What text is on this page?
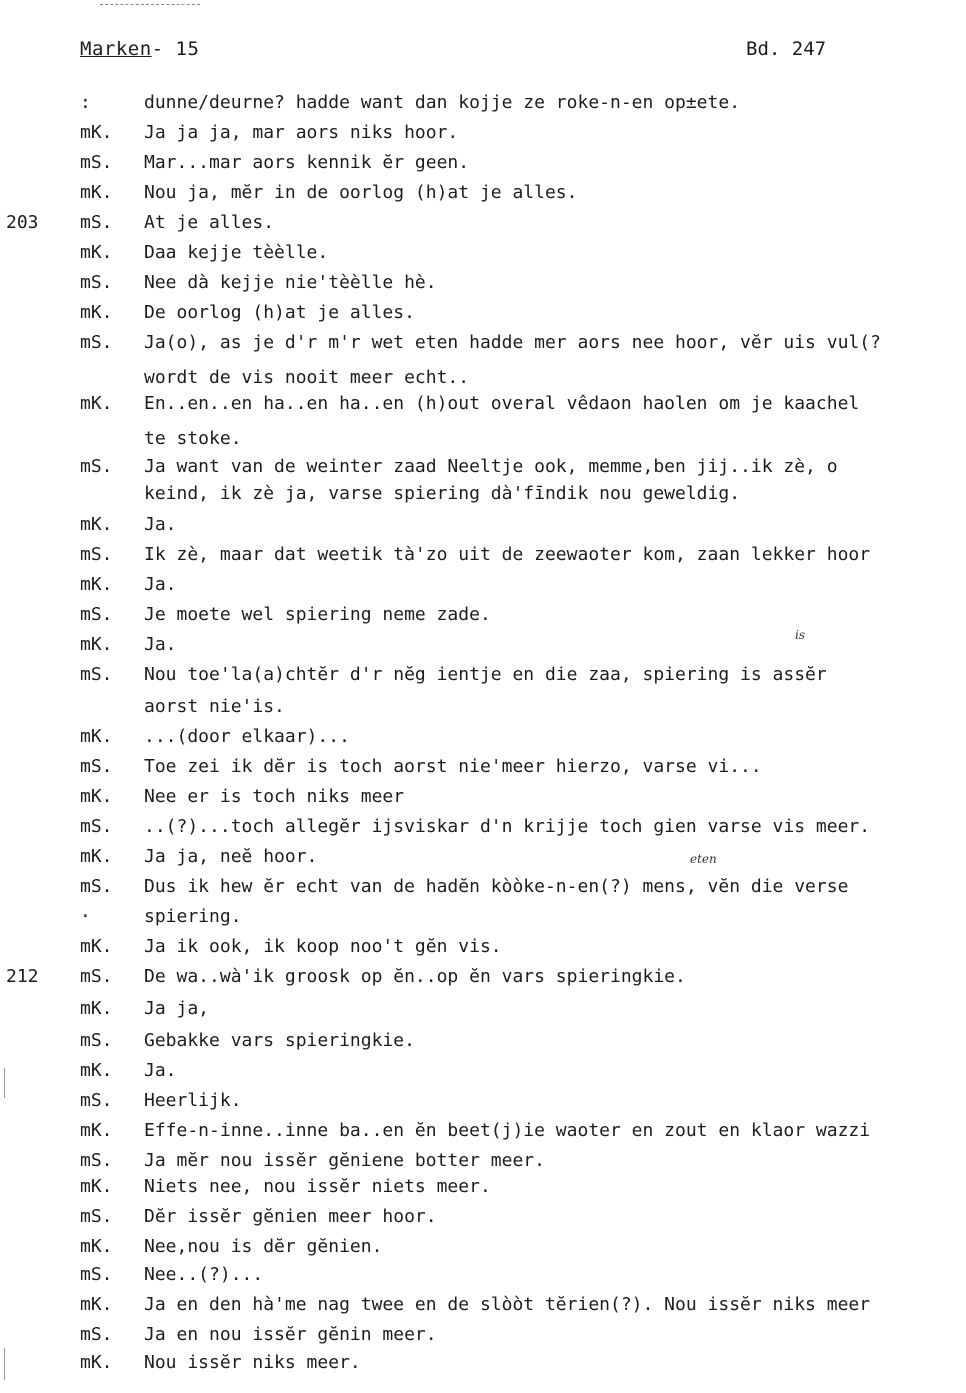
Marken- 15	Bd. 247
:	dunne/deurne? hadde want dan kojje ze roke-n-en op±ete.
mK. Ja ja ja, mar aors niks hoor.
mS. Mar...mar aors kennik ĕr geen.
mK. Nou ja, mĕr in de oorlog (h)at je alles.
203 mS. At je alles.
mK. Daa kejje tèèlle.
mS. Nee dà kejje nie'tèèlle hè.
mK. De oorlog (h)at je alles.
mS. Ja(o), as je d'r m'r wet eten hadde mer aors nee hoor, vĕr uis vul(?
wordt de vis nooit meer echt..
mK. En..en..en ha..en ha..en (h)out overal vêdaon haolen om je kaachel
te stoke.
mS. Ja want van de weinter zaad Neeltje ook, memme,ben jij..ik zè, o
keind, ik zè ja, varse spiering dà'fīndik nou geweldig.
mK. Ja.
mS. Ik zè, maar dat weetik tà'zo uit de zeewaoter kom, zaan lekker hoor
mK. Ja.
mS. Je moete wel spiering neme zade.
mK. Ja.
mS. Nou toe'la(a)chtĕr d'r nĕg ientje en die zaa, spiering is assĕr
aorst nie'is.
mK. ...(door elkaar)...
mS. Toe zei ik dĕr is toch aorst nie'meer hierzo, varse vi...
mK. Nee er is toch niks meer
mS. ..(?)...toch allegĕr ijsviskar d'n krijje toch gien varse vis meer.
mK. Ja ja, neĕ hoor.
mS. Dus ik hew ĕr echt van de hadĕn kòòke-n-en(?) mens, vĕn die verse
·	spiering.
mK. Ja ik ook, ik koop noo't gĕn vis.
212 mS. De wa..wà'ik groosk op ĕn..op ĕn vars spieringkie.
mK. Ja ja,
mS. Gebakke vars spieringkie.
mK. Ja.
mS. Heerlijk.
mK. Effe-n-inne..inne ba..en ĕn beet(j)ie waoter en zout en klaor wazzi
mS. Ja mĕr nou issĕr gĕniene botter meer.
mK. Niets nee, nou issĕr niets meer.
mS. Dĕr issĕr gĕnien meer hoor.
mK. Nee,nou is dĕr gĕnien.
mS. Nee..(?)...
mK. Ja en den hà'me nag twee en de slòòt tĕrien(?). Nou issĕr niks meer
mS. Ja en nou issĕr gĕnin meer.
mK. Nou issĕr niks meer.
is
eten
